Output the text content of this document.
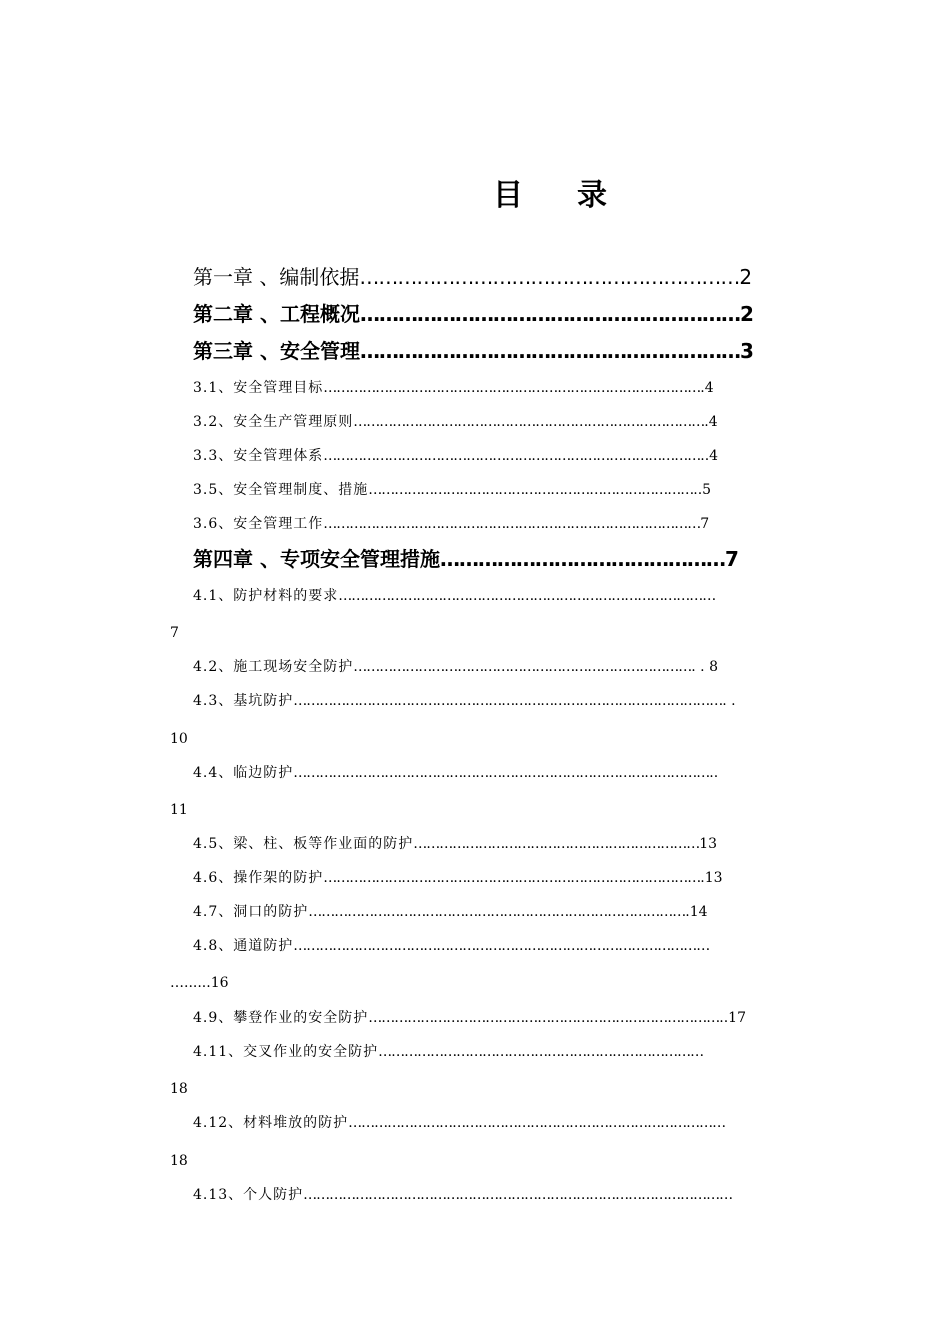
目 录
第一章 、编制依据……………………………………………………2
第二章 、工程概况……………………………………………………2
第三章 、安全管理……………………………………………………3
3.1、安全管理目标…………………………………………………………………………….4
3.2、安全生产管理原则……………………………………………………………………….4
3.3、安全管理体系……………………………………………………………………………..4
3.5、安全管理制度、措施…………………………………………………………………..5
3.6、安全管理工作……………………………………………………………………………7
第四章 、专项安全管理措施………………………………………7
4.1、防护材料的要求……………………………………………………………………………
7
4.2、施工现场安全防护……………………………………………………………………. . 8
4.3、基坑防护………………………………………………………………………………………. .
10
4.4、临边防护……………………………………………………………………………………..
11
4.5、梁、柱、板等作业面的防护…………………………………………………………13
4.6、操作架的防护…………………………………………………………………………….13
4.7、洞口的防护…………………………………………………………………………….14
4.8、通道防护……………………………………………………………………………………
…......16
4.9、攀登作业的安全防护………………………………………………………………………..17
4.11、交叉作业的安全防护…………………………………………………………………
18
4.12、材料堆放的防护……………………………………………………………………………
18
4.13、个人防护………………………………………………………………………………………
